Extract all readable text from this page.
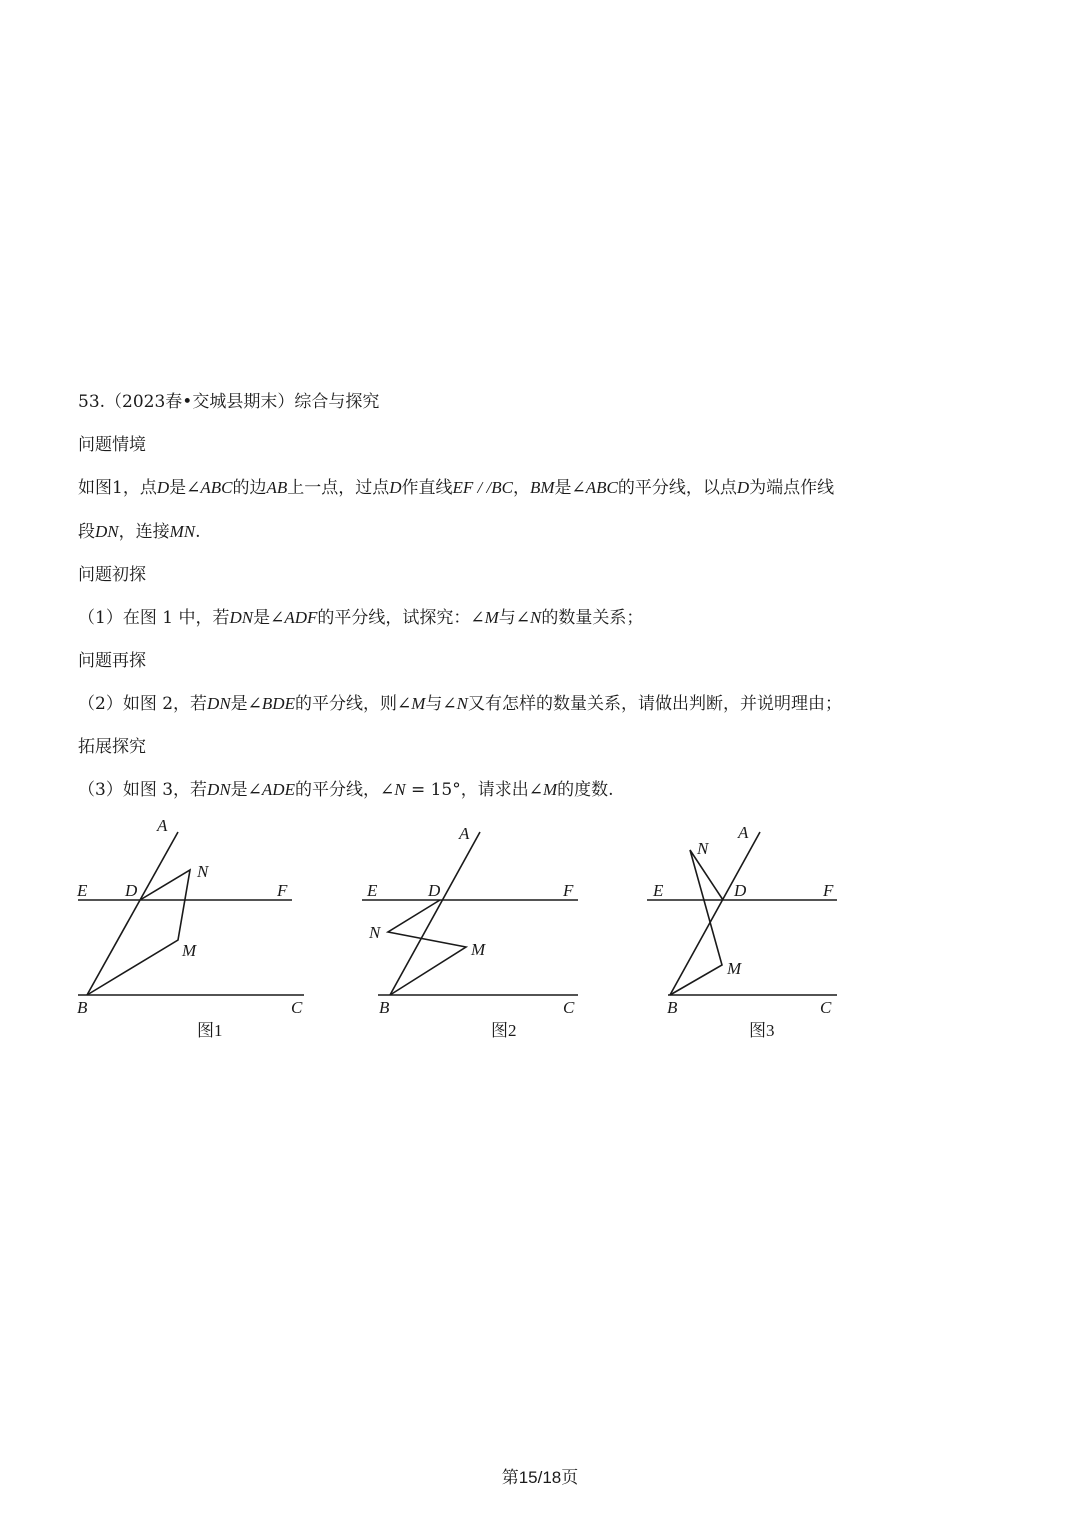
53.（2023春•交城县期末）综合与探究
问题情境
如图1，点D是∠ABC的边AB上一点，过点D作直线EF / /BC，BM是∠ABC的平分线，以点D为端点作线
段DN，连接MN.
问题初探
（1）在图 1 中，若DN是∠ADF的平分线，试探究：∠M与∠N的数量关系；
问题再探
（2）如图 2，若DN是∠BDE的平分线，则∠M与∠N又有怎样的数量关系，请做出判断，并说明理由；
拓展探究
（3）如图 3，若DN是∠ADE的平分线，∠N = 15°，请求出∠M的度数.
A
N
E D	F
M
B	C
图1
A
E	D	F
N
M
B	C
图2
A
N
E	D	F
M
B	C
图3
第15/18页
